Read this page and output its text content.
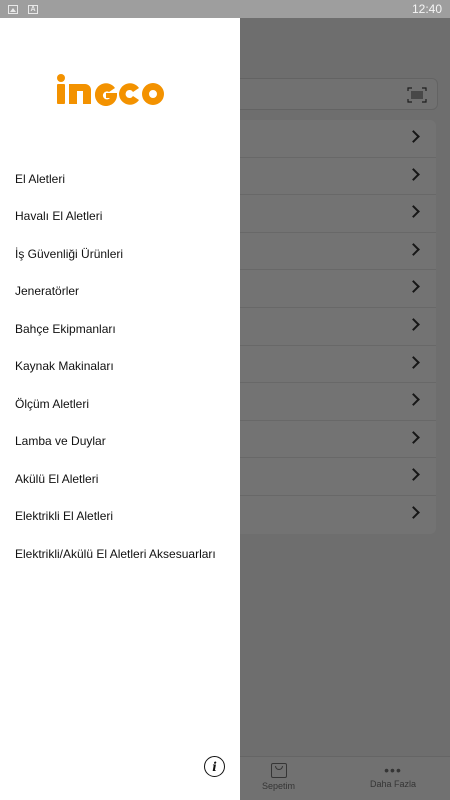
A	12:40
El Aletleri
Havalı El Aletleri
İş Güvenliği Ürünleri
Jeneratörler
Bahçe Ekipmanları
Kaynak Makinaları
Ölçüm Aletleri
Lamba ve Duylar
Akülü El Aletleri
Elektrikli El Aletleri
Elektrikli/Akülü El Aletleri Aksesuarları
i
